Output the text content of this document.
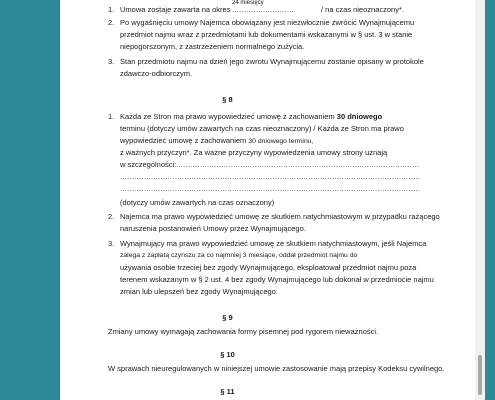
1. Umowa zostaje zawarta na okres
24 miesięcy
..........................	/ na czas nieoznaczony*.
2. Po wygaśnięciu umowy Najemca obowiązany jest niezwłocznie zwrócić Wynajmującemu
przedmiot najmu wraz z przedmiotami lub dokumentami wskazanymi w § ust. 3 w stanie
niepogorszonym, z zastrzeżeniem normalnego zużycia.
3. Stan przedmiotu najmu na dzień jego zwrotu Wynajmującemu zostanie opisany w protokole
zdawczo-odbiorczym.
§ 8
1. Każda ze Stron ma prawo wypowiedzieć umowę z zachowaniem 30 dniowego
terminu (dotyczy umów zawartych na czas nieoznaczony) / Każda ze Stron ma prawo
wypowiedzieć umowę z zachowaniem 30 dniowego terminu,
z ważnych przyczyn*. Za ważne przyczyny wypowiedzenia umowy strony uznają
w szczególności: ......................................................................................................
..............................................................................................................................
..............................................................................................................................
(dotyczy umów zawartych na czas oznaczony)
2. Najemca ma prawo wypowiedzieć umowę ze skutkiem natychmiastowym w przypadku rażącego
naruszenia postanowień Umowy przez Wynajmującego.
3. Wynajmujący ma prawo wypowiedzieć umowę ze skutkiem natychmiastowym, jeśli Najemca
zalega z zapłatą czynszu za co najmniej 3 miesiące, oddał przedmiot najmu do
używania osobie trzeciej bez zgody Wynajmującego, eksploatował przedmiot najmu poza
terenem wskazanym w § 2 ust. 4 bez zgody Wynajmującego lub dokonał w przedmiocie najmu
zmian lub ulepszeń bez zgody Wynajmującego.
§ 9
Zmiany umowy wymagają zachowania formy pisemnej pod rygorem nieważności.
§ 10
W sprawach nieuregulowanych w niniejszej umowie zastosowanie mają przepisy Kodeksu cywilnego.
§ 11
